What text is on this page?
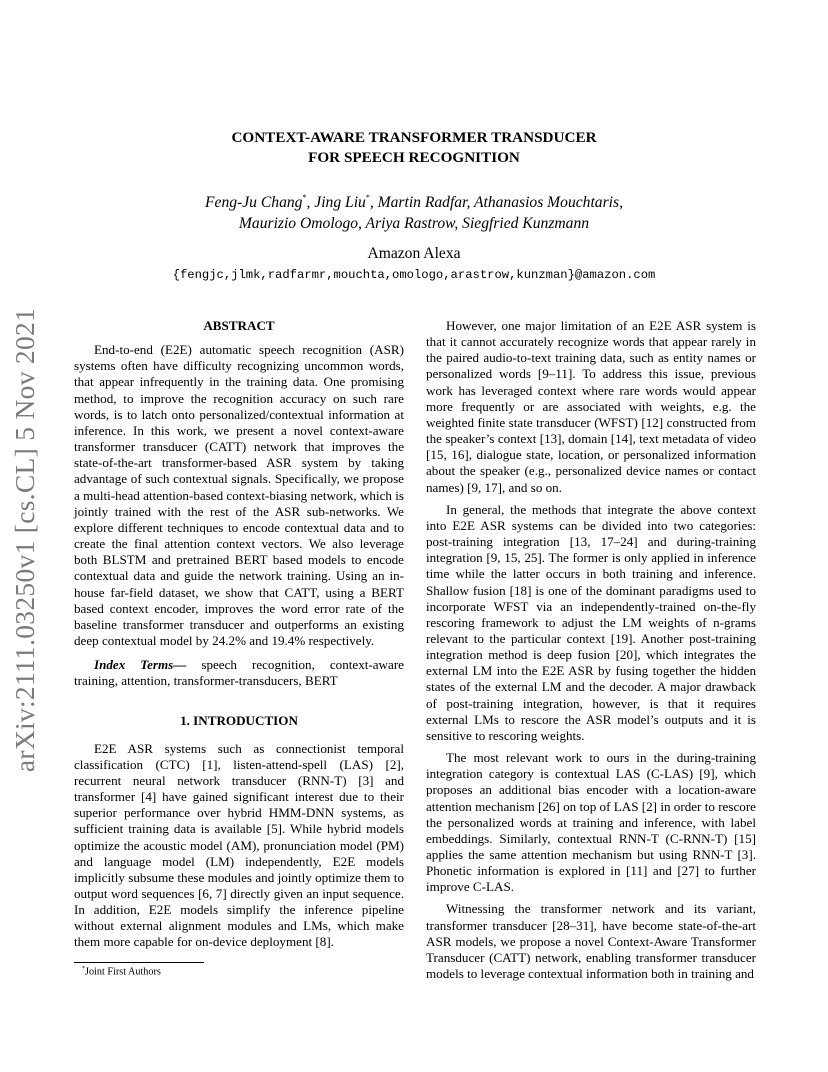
arXiv:2111.03250v1 [cs.CL] 5 Nov 2021
CONTEXT-AWARE TRANSFORMER TRANSDUCER
FOR SPEECH RECOGNITION
Feng-Ju Chang*, Jing Liu*, Martin Radfar, Athanasios Mouchtaris,
Maurizio Omologo, Ariya Rastrow, Siegfried Kunzmann
Amazon Alexa
{fengjc,jlmk,radfarmr,mouchta,omologo,arastrow,kunzman}@amazon.com
ABSTRACT

End-to-end (E2E) automatic speech recognition (ASR) systems often have difficulty recognizing uncommon words, that appear infrequently in the training data. One promising method, to improve the recognition accuracy on such rare words, is to latch onto personalized/contextual information at inference. In this work, we present a novel context-aware transformer transducer (CATT) network that improves the state-of-the-art transformer-based ASR system by taking advantage of such contextual signals. Specifically, we propose a multi-head attention-based context-biasing network, which is jointly trained with the rest of the ASR sub-networks. We explore different techniques to encode contextual data and to create the final attention context vectors. We also leverage both BLSTM and pretrained BERT based models to encode contextual data and guide the network training. Using an in-house far-field dataset, we show that CATT, using a BERT based context encoder, improves the word error rate of the baseline transformer transducer and outperforms an existing deep contextual model by 24.2% and 19.4% respectively.

Index Terms— speech recognition, context-aware training, attention, transformer-transducers, BERT

1. INTRODUCTION

E2E ASR systems such as connectionist temporal classification (CTC) [1], listen-attend-spell (LAS) [2], recurrent neural network transducer (RNN-T) [3] and transformer [4] have gained significant interest due to their superior performance over hybrid HMM-DNN systems, as sufficient training data is available [5]. While hybrid models optimize the acoustic model (AM), pronunciation model (PM) and language model (LM) independently, E2E models implicitly subsume these modules and jointly optimize them to output word sequences [6, 7] directly given an input sequence. In addition, E2E models simplify the inference pipeline without external alignment modules and LMs, which make them more capable for on-device deployment [8].

However, one major limitation of an E2E ASR system is that it cannot accurately recognize words that appear rarely in the paired audio-to-text training data, such as entity names or personalized words [9–11]. To address this issue, previous work has leveraged context where rare words would appear more frequently or are associated with weights, e.g. the weighted finite state transducer (WFST) [12] constructed from the speaker’s context [13], domain [14], text metadata of video [15, 16], dialogue state, location, or personalized information about the speaker (e.g., personalized device names or contact names) [9, 17], and so on.

In general, the methods that integrate the above context into E2E ASR systems can be divided into two categories: post-training integration [13, 17–24] and during-training integration [9, 15, 25]. The former is only applied in inference time while the latter occurs in both training and inference. Shallow fusion [18] is one of the dominant paradigms used to incorporate WFST via an independently-trained on-the-fly rescoring framework to adjust the LM weights of n-grams relevant to the particular context [19]. Another post-training integration method is deep fusion [20], which integrates the external LM into the E2E ASR by fusing together the hidden states of the external LM and the decoder. A major drawback of post-training integration, however, is that it requires external LMs to rescore the ASR model’s outputs and it is sensitive to rescoring weights.

The most relevant work to ours in the during-training integration category is contextual LAS (C-LAS) [9], which proposes an additional bias encoder with a location-aware attention mechanism [26] on top of LAS [2] in order to rescore the personalized words at training and inference, with label embeddings. Similarly, contextual RNN-T (C-RNN-T) [15] applies the same attention mechanism but using RNN-T [3]. Phonetic information is explored in [11] and [27] to further improve C-LAS.

Witnessing the transformer network and its variant, transformer transducer [28–31], have become state-of-the-art ASR models, we propose a novel Context-Aware Transformer Transducer (CATT) network, enabling transformer transducer models to leverage contextual information both in training and

*Joint First Authors
